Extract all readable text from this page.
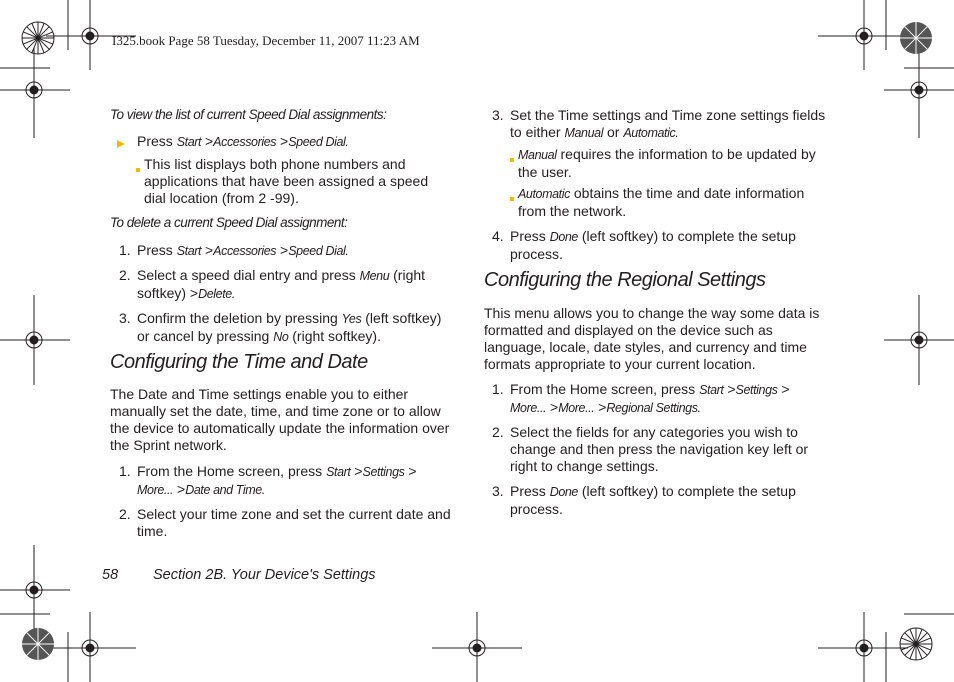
I325.book Page 58 Tuesday, December 11, 2007 11:23 AM
To view the list of current Speed Dial assignments:
Press Start >Accessories >Speed Dial.
This list displays both phone numbers and applications that have been assigned a speed dial location (from 2 -99).
To delete a current Speed Dial assignment:
1. Press Start >Accessories >Speed Dial.
2. Select a speed dial entry and press Menu (right softkey) >Delete.
3. Confirm the deletion by pressing Yes (left softkey) or cancel by pressing No (right softkey).
Configuring the Time and Date
The Date and Time settings enable you to either manually set the date, time, and time zone or to allow the device to automatically update the information over the Sprint network.
1. From the Home screen, press Start >Settings >
More... >Date and Time.
2. Select your time zone and set the current date and time.
3. Set the Time settings and Time zone settings fields to either Manual or Automatic.
Manual requires the information to be updated by the user.
Automatic obtains the time and date information from the network.
4. Press Done (left softkey) to complete the setup process.
Configuring the Regional Settings
This menu allows you to change the way some data is formatted and displayed on the device such as language, locale, date styles, and currency and time formats appropriate to your current location.
1. From the Home screen, press Start >Settings >
More... >More... >Regional Settings.
2. Select the fields for any categories you wish to change and then press the navigation key left or right to change settings.
3. Press Done (left softkey) to complete the setup process.
58 Section 2B. Your Device's Settings
